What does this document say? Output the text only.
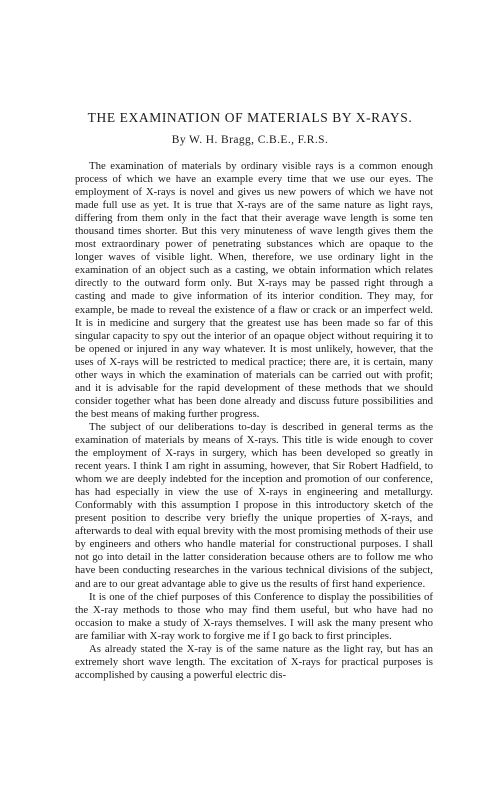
THE EXAMINATION OF MATERIALS BY X-RAYS.
By W. H. Bragg, C.B.E., F.R.S.

The examination of materials by ordinary visible rays is a common enough process of which we have an example every time that we use our eyes. The employment of X-rays is novel and gives us new powers of which we have not made full use as yet. It is true that X-rays are of the same nature as light rays, differing from them only in the fact that their average wave length is some ten thousand times shorter. But this very minuteness of wave length gives them the most extraordinary power of penetrating substances which are opaque to the longer waves of visible light. When, therefore, we use ordinary light in the examination of an object such as a casting, we obtain information which relates directly to the outward form only. But X-rays may be passed right through a casting and made to give information of its interior condition. They may, for example, be made to reveal the existence of a flaw or crack or an imperfect weld. It is in medicine and surgery that the greatest use has been made so far of this singular capacity to spy out the interior of an opaque object without requiring it to be opened or injured in any way whatever. It is most unlikely, however, that the uses of X-rays will be restricted to medical practice; there are, it is certain, many other ways in which the examination of materials can be carried out with profit; and it is advisable for the rapid development of these methods that we should consider together what has been done already and discuss future possibilities and the best means of making further progress.

The subject of our deliberations to-day is described in general terms as the examination of materials by means of X-rays. This title is wide enough to cover the employment of X-rays in surgery, which has been developed so greatly in recent years. I think I am right in assuming, however, that Sir Robert Hadfield, to whom we are deeply indebted for the inception and promotion of our conference, has had especially in view the use of X-rays in engineering and metallurgy. Conformably with this assumption I propose in this introductory sketch of the present position to describe very briefly the unique properties of X-rays, and afterwards to deal with equal brevity with the most promising methods of their use by engineers and others who handle material for constructional purposes. I shall not go into detail in the latter consideration because others are to follow me who have been conducting researches in the various technical divisions of the subject, and are to our great advantage able to give us the results of first hand experience.

It is one of the chief purposes of this Conference to display the possibilities of the X-ray methods to those who may find them useful, but who have had no occasion to make a study of X-rays themselves. I will ask the many present who are familiar with X-ray work to forgive me if I go back to first principles.

As already stated the X-ray is of the same nature as the light ray, but has an extremely short wave length. The excitation of X-rays for practical purposes is accomplished by causing a powerful electric dis-
